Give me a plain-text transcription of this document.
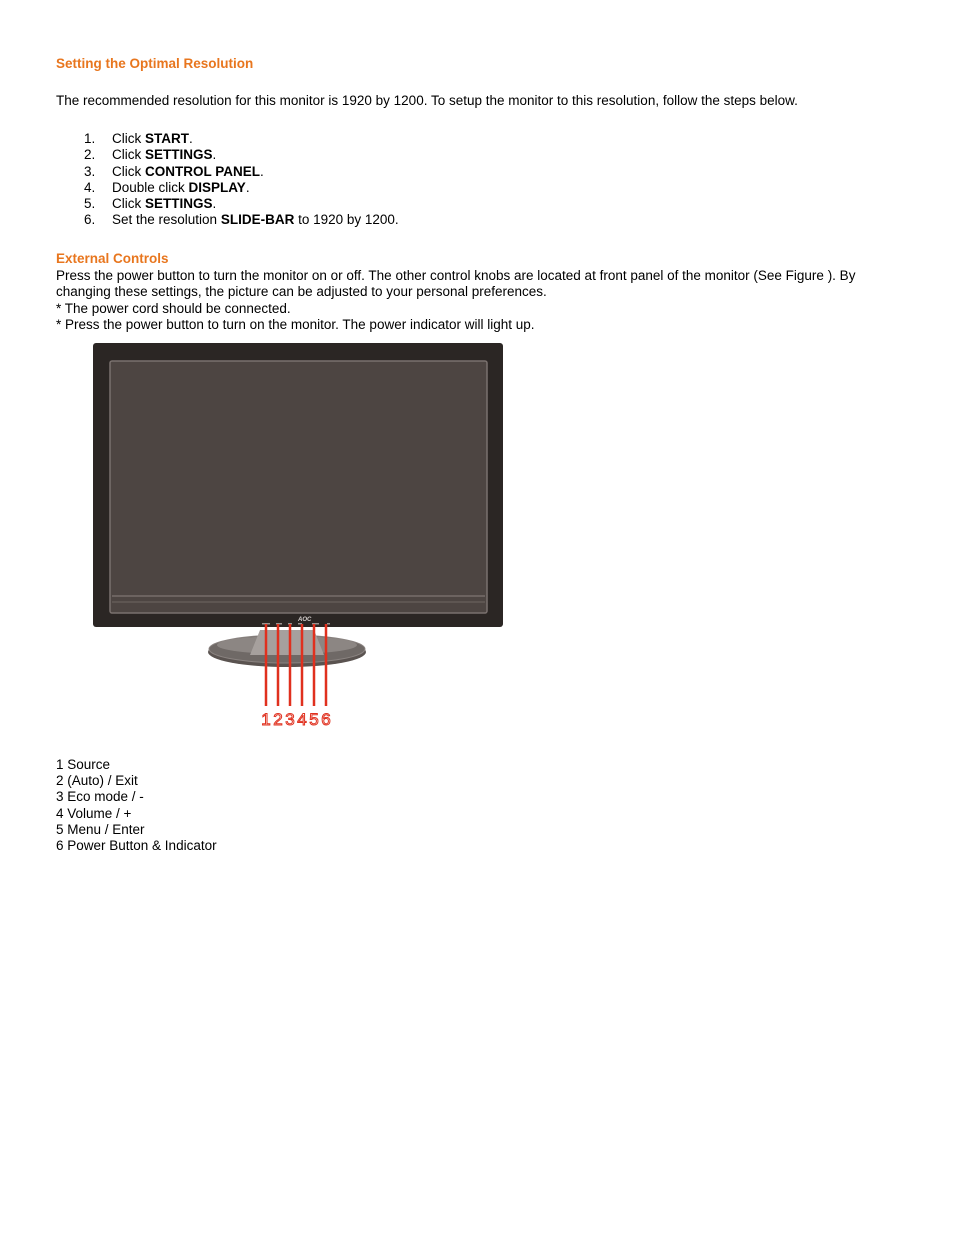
Setting the Optimal Resolution
The recommended resolution for this monitor is 1920 by 1200. To setup the monitor to this resolution, follow the steps below.
1.	Click START.
2.	Click SETTINGS.
3.	Click CONTROL PANEL.
4.	Double click DISPLAY.
5.	Click SETTINGS.
6.	Set the resolution SLIDE-BAR to 1920 by 1200.
External Controls
Press the power button to turn the monitor on or off. The other control knobs are located at front panel of the monitor (See Figure ). By
changing these settings, the picture can be adjusted to your personal preferences.
* The power cord should be connected.
* Press the power button to turn on the monitor. The power indicator will light up.
AOC
1 2 3 4 5 6
1 Source
2 (Auto) / Exit
3 Eco mode / -
4 Volume / +
5 Menu / Enter
6 Power Button & Indicator
